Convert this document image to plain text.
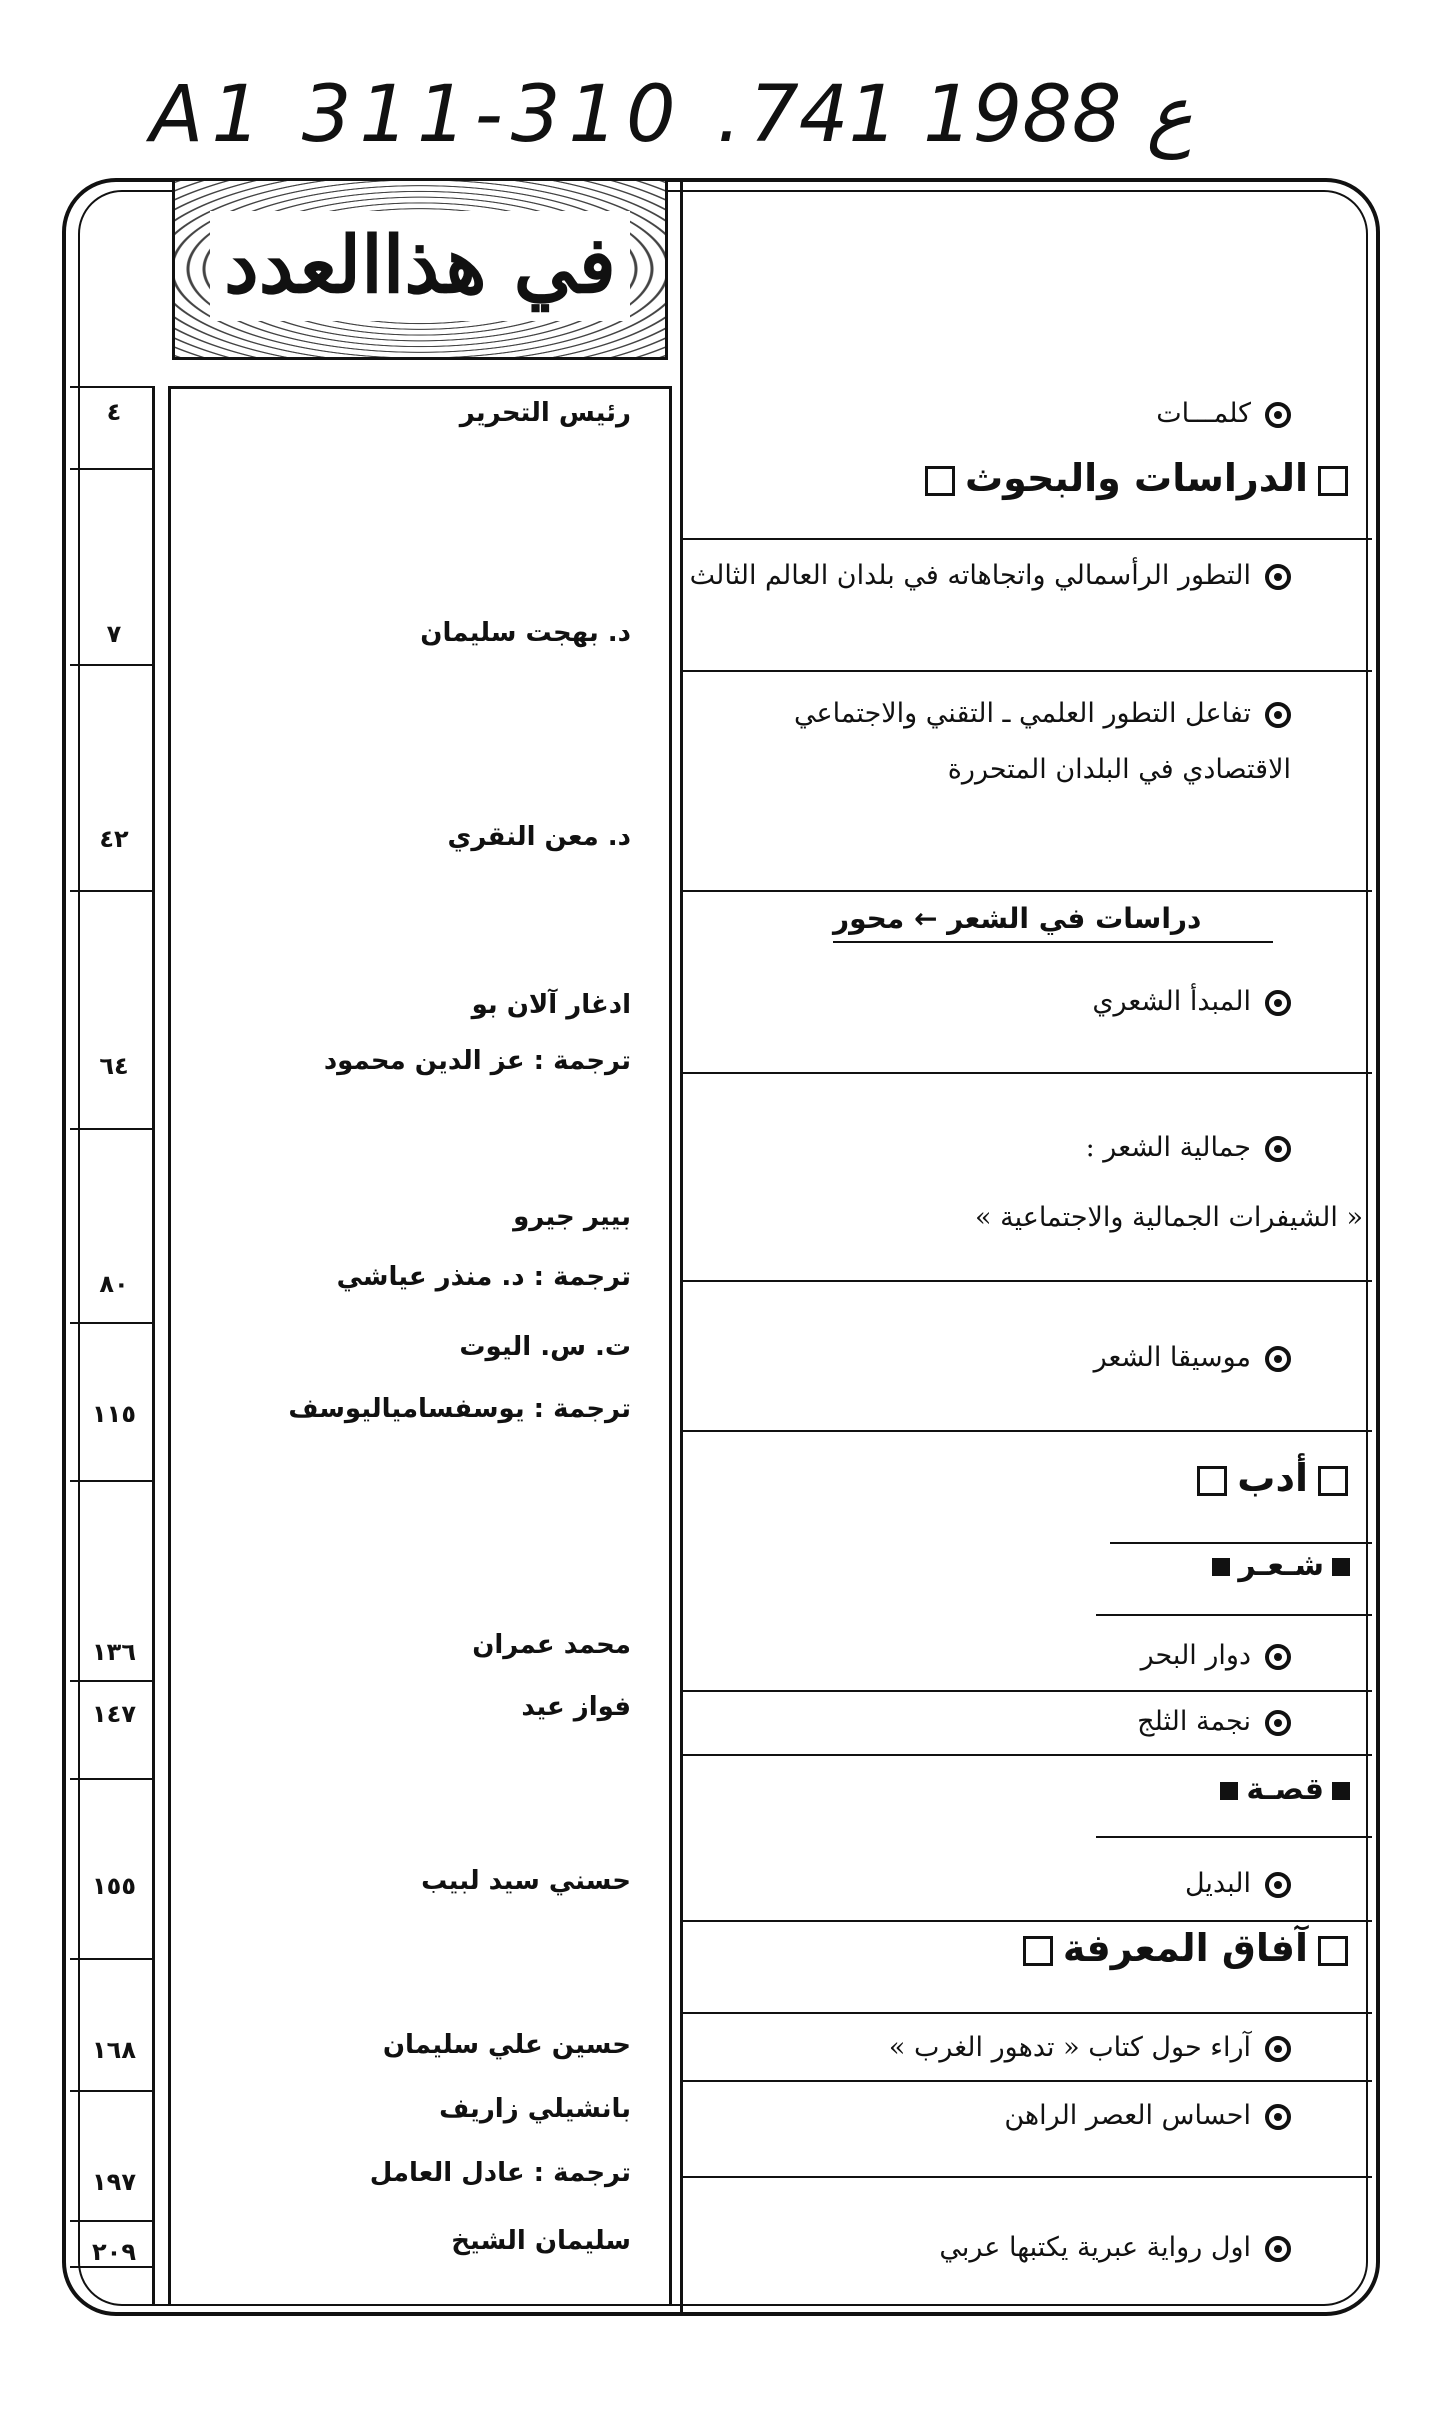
A1 311-310 .ع 1988 741
في هذاالعدد
٤
٧
٤٢
٦٤
٨٠
١١٥
١٣٦
١٤٧
١٥٥
١٦٨
١٩٧
٢٠٩
رئيس التحرير
د. بهجت سليمان
د. معن النقري
ادغار آلان بو
ترجمة : عز الدين محمود
بيير جيرو
ترجمة : د. منذر عياشي
ت. س. اليوت
ترجمة : يوسفسامياليوسف
محمد عمران
فواز عيد
حسني سيد لبيب
حسين علي سليمان
بانشيلي زاريف
ترجمة : عادل العامل
سليمان الشيخ
كلمـــات
الدراسات والبحوث
التطور الرأسمالي واتجاهاته في بلدان العالم الثالث
تفاعل التطور العلمي ـ التقني والاجتماعي الاقتصادي في البلدان المتحررة
دراسات في الشعر ← محور
المبدأ الشعري
جمالية الشعر :
« الشيفرات الجمالية والاجتماعية »
موسيقا الشعر
أدب
شـعـر
دوار البحر
نجمة الثلج
قصـة
البديل
آفاق المعرفة
آراء حول كتاب « تدهور الغرب »
احساس العصر الراهن
اول رواية عبرية يكتبها عربي
